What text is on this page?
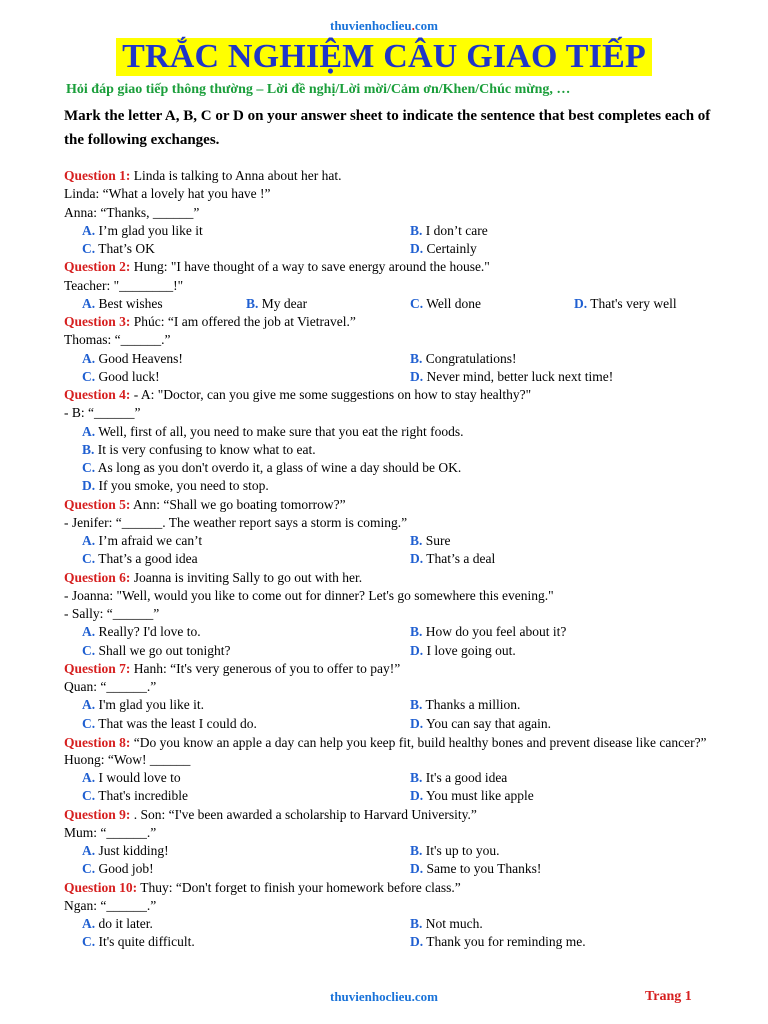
thuvienhoclieu.com
TRẮC NGHIỆM CÂU GIAO TIẾP
Hỏi đáp giao tiếp thông thường – Lời đề nghị/Lời mời/Cảm ơn/Khen/Chúc mừng, …
Mark the letter A, B, C or D on your answer sheet to indicate the sentence that best completes each of the following exchanges.
Question 1: Linda is talking to Anna about her hat.
Linda: “What a lovely hat you have !”
Anna: “Thanks, ______”
A. I’m glad you like it	B. I don’t care
C. That’s OK	D. Certainly
Question 2: Hung: "I have thought of a way to save energy around the house."
Teacher: "________!"
A. Best wishes	B. My dear	C. Well done	D. That's very well
Question 3: Phúc: “I am offered the job at Vietravel.”
Thomas: “______.”
A. Good Heavens!	B. Congratulations!
C. Good luck!	D. Never mind, better luck next time!
Question 4: - A: "Doctor, can you give me some suggestions on how to stay healthy?"
- B: “______”
A. Well, first of all, you need to make sure that you eat the right foods.
B. It is very confusing to know what to eat.
C. As long as you don't overdo it, a glass of wine a day should be OK.
D. If you smoke, you need to stop.
Question 5: Ann: “Shall we go boating tomorrow?”
- Jenifer: “______. The weather report says a storm is coming.”
A. I’m afraid we can’t	B. Sure
C. That’s a good idea	D. That’s a deal
Question 6: Joanna is inviting Sally to go out with her.
- Joanna: "Well, would you like to come out for dinner? Let's go somewhere this evening."
- Sally: “______”
A. Really? I'd love to.	B. How do you feel about it?
C. Shall we go out tonight?	D. I love going out.
Question 7: Hanh: “It's very generous of you to offer to pay!”
Quan: “______.”
A. I'm glad you like it.	B. Thanks a million.
C. That was the least I could do.	D. You can say that again.
Question 8: “Do you know an apple a day can help you keep fit, build healthy bones and prevent disease like cancer?”
Huong: “Wow! ______
A. I would love to	B. It's a good idea
C. That's incredible	D. You must like apple
Question 9: . Son: “I've been awarded a scholarship to Harvard University.”
Mum: “______.”
A. Just kidding!	B. It's up to you.
C. Good job!	D. Same to you Thanks!
Question 10: Thuy: “Don't forget to finish your homework before class.”
Ngan: “______.”
A. do it later.	B. Not much.
C. It's quite difficult.	D. Thank you for reminding me.
thuvienhoclieu.com	Trang 1
